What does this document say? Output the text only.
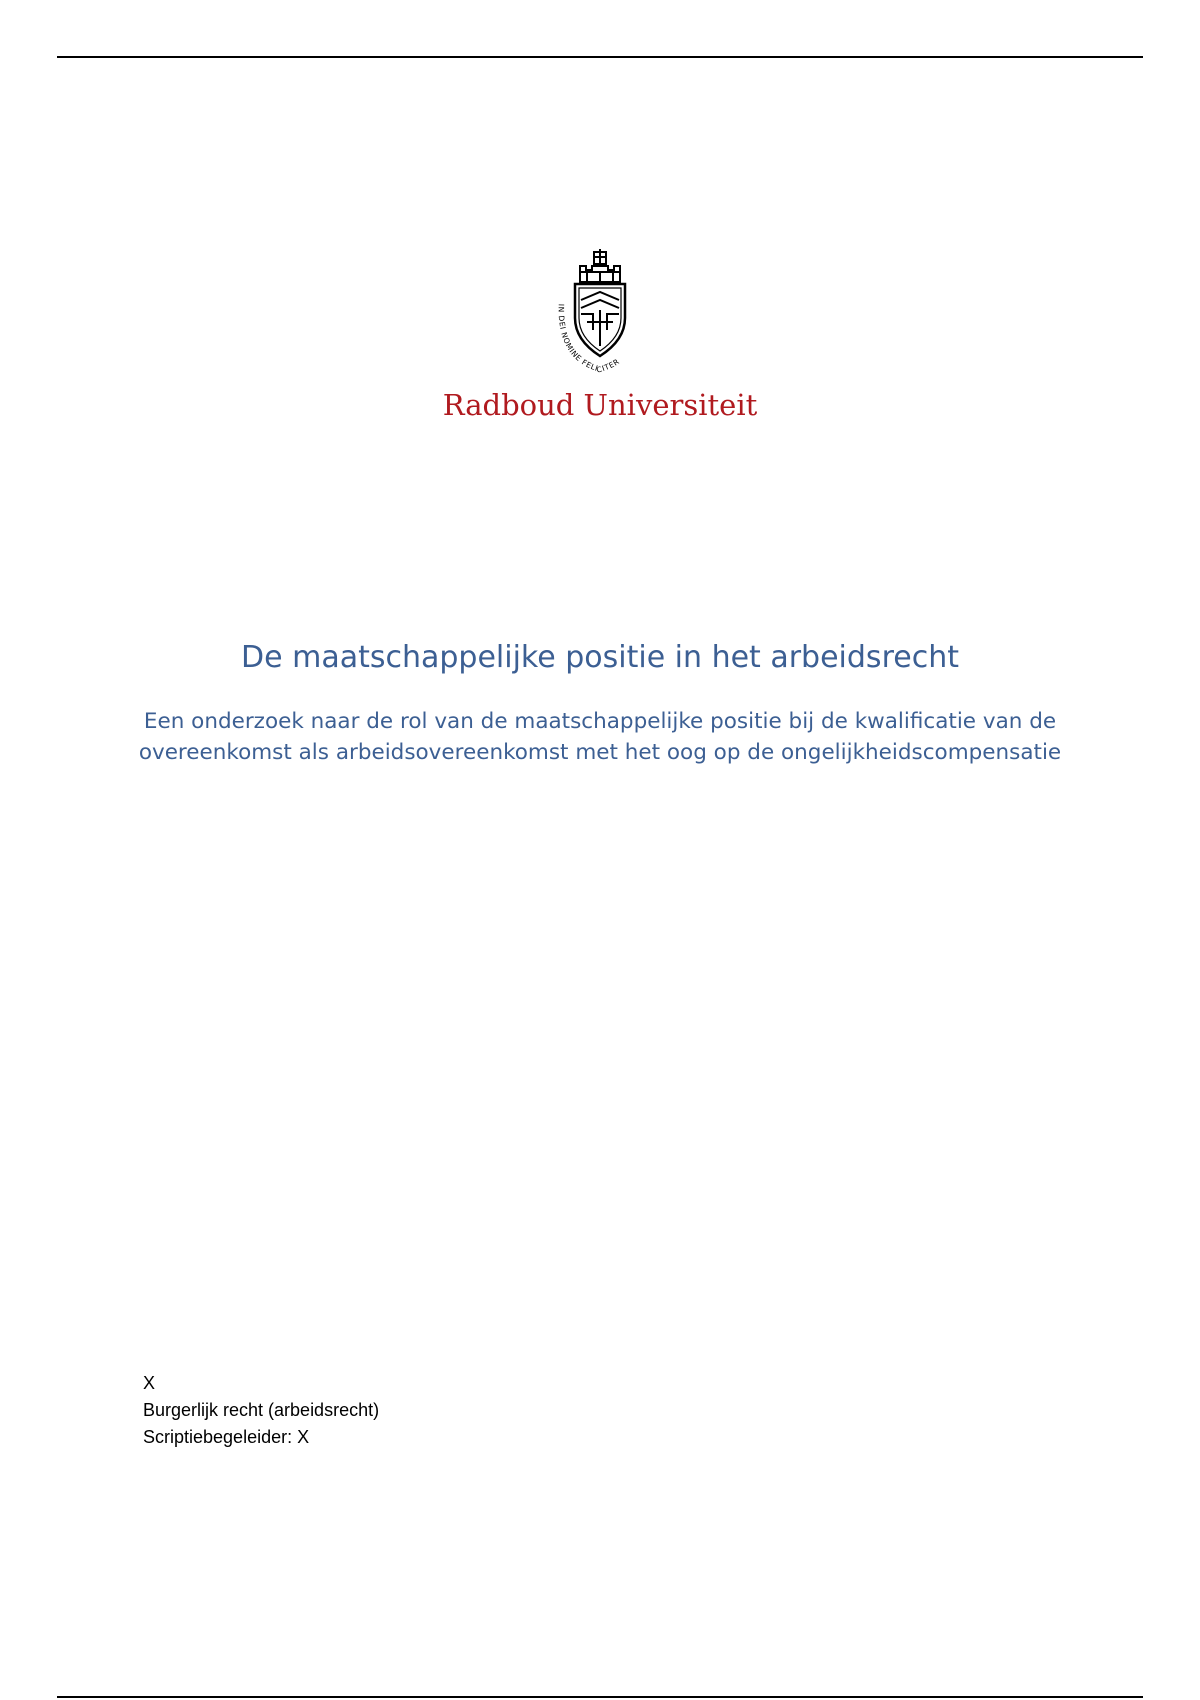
IN DEI NOMINE FELICITER
Radboud Universiteit
De maatschappelijke positie in het arbeidsrecht

Een onderzoek naar de rol van de maatschappelijke positie bij de kwalificatie van de overeenkomst als arbeidsovereenkomst met het oog op de ongelijkheidscompensatie

X
Burgerlijk recht (arbeidsrecht)
Scriptiebegeleider: X
